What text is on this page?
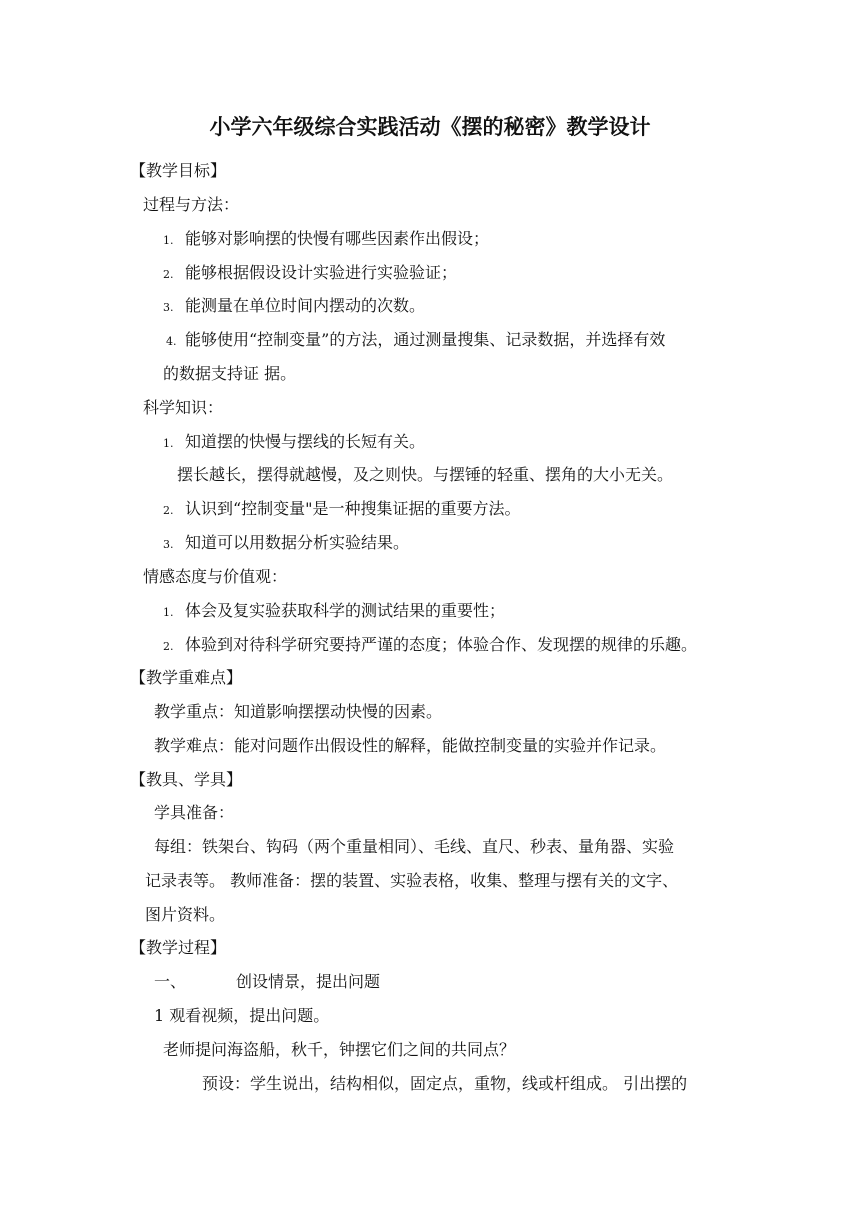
小学六年级综合实践活动《摆的秘密》教学设计
【教学目标】
过程与方法：
1. 能够对影响摆的快慢有哪些因素作出假设；
2. 能够根据假设设计实验进行实验验证；
3. 能测量在单位时间内摆动的次数。
4. 能够使用“控制变量”的方法，通过测量搜集、记录数据，并选择有效
的数据支持证 据。
科学知识：
1. 知道摆的快慢与摆线的长短有关。
摆长越长，摆得就越慢，及之则快。与摆锤的轻重、摆角的大小无关。
2. 认识到“控制变量"是一种搜集证据的重要方法。
3. 知道可以用数据分析实验结果。
情感态度与价值观：
1. 体会及复实验获取科学的测试结果的重要性；
2. 体验到对待科学研究要持严谨的态度；体验合作、发现摆的规律的乐趣。
【教学重难点】
教学重点：知道影响摆摆动快慢的因素。
教学难点：能对问题作出假设性的解释，能做控制变量的实验并作记录。
【教具、学具】
学具准备：
每组：铁架台、钩码（两个重量相同）、毛线、直尺、秒表、量角器、实验
记录表等。 教师准备：摆的装置、实验表格，收集、整理与摆有关的文字、
图片资料。
【教学过程】
一、	创设情景，提出问题
1 观看视频，提出问题。
老师提问海盗船，秋千，钟摆它们之间的共同点？
预设：学生说出，结构相似，固定点，重物，线或杆组成。 引出摆的
